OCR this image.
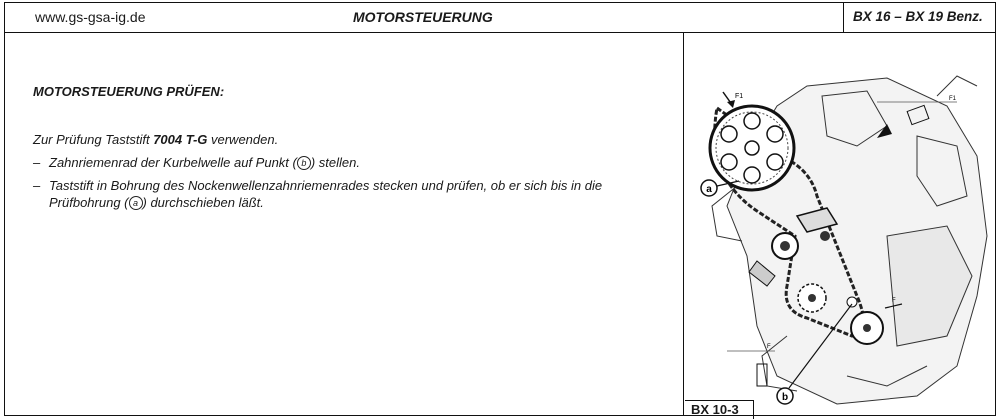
www.gs-gsa-ig.de	MOTORSTEUERUNG	BX 16 – BX 19 Benz.
MOTORSTEUERUNG PRÜFEN:
Zur Prüfung Taststift 7004 T-G verwenden.
– Zahnriemenrad der Kurbelwelle auf Punkt ( b ) stellen.
– Taststift in Bohrung des Nockenwellenzahnriemenrades stecken und prüfen, ob er sich bis in die Prüfbohrung ( a ) durchschieben läßt.
a
b
F1	F1
F
F
BX 10-3
